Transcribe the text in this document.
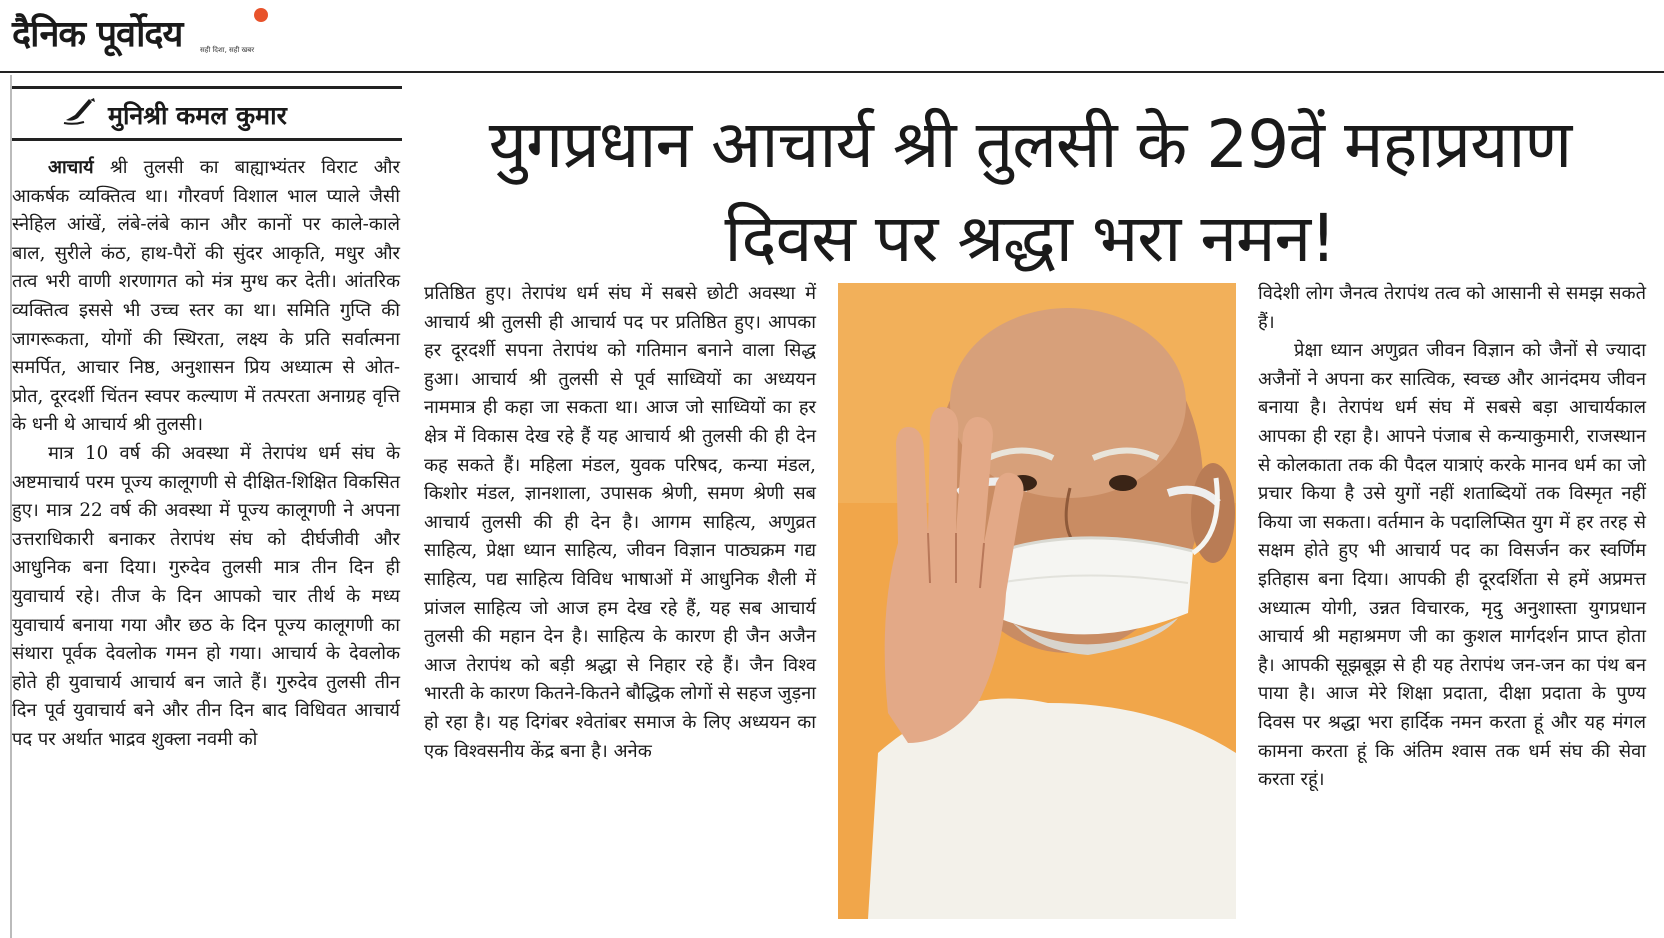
दैनिक पूर्वोदय	सही दिशा, सही खबर
मुनिश्री कमल कुमार	युगप्रधान आचार्य श्री तुलसी के 29वें महाप्रयाण
दिवस पर श्रद्धा भरा नमन!

आचार्य श्री तुलसी का बाह्याभ्यंतर विराट और आकर्षक व्यक्तित्व था। गौरवर्ण विशाल भाल प्याले जैसी स्नेहिल आंखें, लंबे-लंबे कान और कानों पर काले-काले बाल, सुरीले कंठ, हाथ-पैरों की सुंदर आकृति, मधुर और तत्व भरी वाणी शरणागत को मंत्र मुग्ध कर देती। आंतरिक व्यक्तित्व इससे भी उच्च स्तर का था। समिति गुप्ति की जागरूकता, योगों की स्थिरता, लक्ष्य के प्रति सर्वात्मना समर्पित, आचार निष्ठ, अनुशासन प्रिय अध्यात्म से ओत-प्रोत, दूरदर्शी चिंतन स्वपर कल्याण में तत्परता अनाग्रह वृत्ति के धनी थे आचार्य श्री तुलसी।

मात्र 10 वर्ष की अवस्था में तेरापंथ धर्म संघ के अष्टमाचार्य परम पूज्य कालूगणी से दीक्षित-शिक्षित विकसित हुए। मात्र 22 वर्ष की अवस्था में पूज्य कालूगणी ने अपना उत्तराधिकारी बनाकर तेरापंथ संघ को दीर्घजीवी और आधुनिक बना दिया। गुरुदेव तुलसी मात्र तीन दिन ही युवाचार्य रहे। तीज के दिन आपको चार तीर्थ के मध्य युवाचार्य बनाया गया और छठ के दिन पूज्य कालूगणी का संथारा पूर्वक देवलोक गमन हो गया। आचार्य के देवलोक होते ही युवाचार्य आचार्य बन जाते हैं। गुरुदेव तुलसी तीन दिन पूर्व युवाचार्य बने और तीन दिन बाद विधिवत आचार्य पद पर अर्थात भाद्रव शुक्ला नवमी को

प्रतिष्ठित हुए। तेरापंथ धर्म संघ में सबसे छोटी अवस्था में आचार्य श्री तुलसी ही आचार्य पद पर प्रतिष्ठित हुए। आपका हर दूरदर्शी सपना तेरापंथ को गतिमान बनाने वाला सिद्ध हुआ। आचार्य श्री तुलसी से पूर्व साध्वियों का अध्ययन नाममात्र ही कहा जा सकता था। आज जो साध्वियों का हर क्षेत्र में विकास देख रहे हैं यह आचार्य श्री तुलसी की ही देन कह सकते हैं। महिला मंडल, युवक परिषद, कन्या मंडल, किशोर मंडल, ज्ञानशाला, उपासक श्रेणी, समण श्रेणी सब आचार्य तुलसी की ही देन है। आगम साहित्य, अणुव्रत साहित्य, प्रेक्षा ध्यान साहित्य, जीवन विज्ञान पाठ्यक्रम गद्य साहित्य, पद्य साहित्य विविध भाषाओं में आधुनिक शैली में प्रांजल साहित्य जो आज हम देख रहे हैं, यह सब आचार्य तुलसी की महान देन है। साहित्य के कारण ही जैन अजैन आज तेरापंथ को बड़ी श्रद्धा से निहार रहे हैं। जैन विश्व भारती के कारण कितने-कितने बौद्धिक लोगों से सहज जुड़ना हो रहा है। यह दिगंबर श्वेतांबर समाज के लिए अध्ययन का एक विश्वसनीय केंद्र बना है। अनेक

विदेशी लोग जैनत्व तेरापंथ तत्व को आसानी से समझ सकते हैं।

प्रेक्षा ध्यान अणुव्रत जीवन विज्ञान को जैनों से ज्यादा अजैनों ने अपना कर सात्विक, स्वच्छ और आनंदमय जीवन बनाया है। तेरापंथ धर्म संघ में सबसे बड़ा आचार्यकाल आपका ही रहा है। आपने पंजाब से कन्याकुमारी, राजस्थान से कोलकाता तक की पैदल यात्राएं करके मानव धर्म का जो प्रचार किया है उसे युगों नहीं शताब्दियों तक विस्मृत नहीं किया जा सकता। वर्तमान के पदालिप्सित युग में हर तरह से सक्षम होते हुए भी आचार्य पद का विसर्जन कर स्वर्णिम इतिहास बना दिया। आपकी ही दूरदर्शिता से हमें अप्रमत्त अध्यात्म योगी, उन्नत विचारक, मृदु अनुशास्ता युगप्रधान आचार्य श्री महाश्रमण जी का कुशल मार्गदर्शन प्राप्त होता है। आपकी सूझबूझ से ही यह तेरापंथ जन-जन का पंथ बन पाया है। आज मेरे शिक्षा प्रदाता, दीक्षा प्रदाता के पुण्य दिवस पर श्रद्धा भरा हार्दिक नमन करता हूं और यह मंगल कामना करता हूं कि अंतिम श्वास तक धर्म संघ की सेवा करता रहूं।
